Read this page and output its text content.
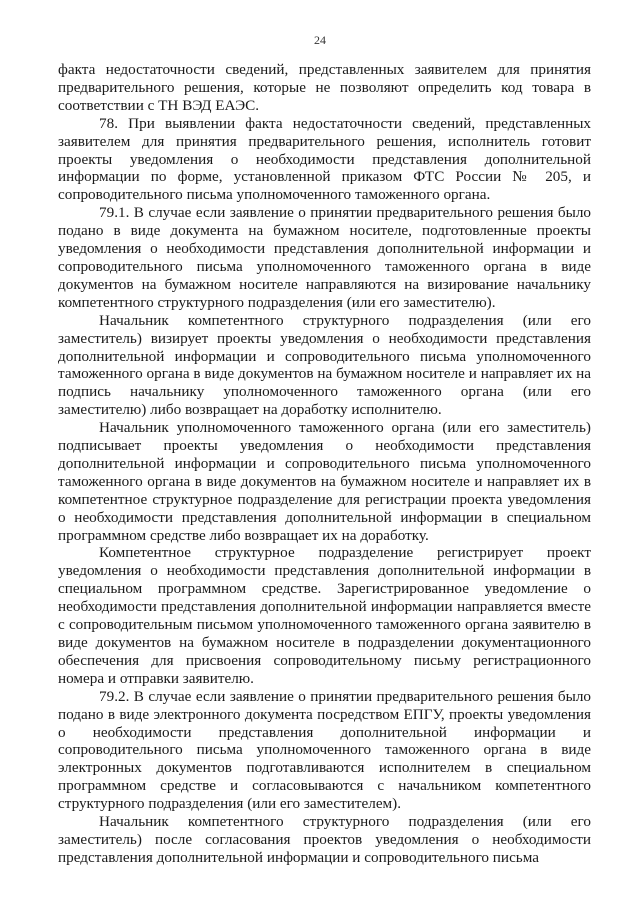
24

факта недостаточности сведений, представленных заявителем для принятия предварительного решения, которые не позволяют определить код товара в соответствии с ТН ВЭД ЕАЭС.

78. При выявлении факта недостаточности сведений, представленных заявителем для принятия предварительного решения, исполнитель готовит проекты уведомления о необходимости представления дополнительной информации по форме, установленной приказом ФТС России № 205, и сопроводительного письма уполномоченного таможенного органа.

79.1. В случае если заявление о принятии предварительного решения было подано в виде документа на бумажном носителе, подготовленные проекты уведомления о необходимости представления дополнительной информации и сопроводительного письма уполномоченного таможенного органа в виде документов на бумажном носителе направляются на визирование начальнику компетентного структурного подразделения (или его заместителю).

Начальник компетентного структурного подразделения (или его заместитель) визирует проекты уведомления о необходимости представления дополнительной информации и сопроводительного письма уполномоченного таможенного органа в виде документов на бумажном носителе и направляет их на подпись начальнику уполномоченного таможенного органа (или его заместителю) либо возвращает на доработку исполнителю.

Начальник уполномоченного таможенного органа (или его заместитель) подписывает проекты уведомления о необходимости представления дополнительной информации и сопроводительного письма уполномоченного таможенного органа в виде документов на бумажном носителе и направляет их в компетентное структурное подразделение для регистрации проекта уведомления о необходимости представления дополнительной информации в специальном программном средстве либо возвращает их на доработку.

Компетентное структурное подразделение регистрирует проект уведомления о необходимости представления дополнительной информации в специальном программном средстве. Зарегистрированное уведомление о необходимости представления дополнительной информации направляется вместе с сопроводительным письмом уполномоченного таможенного органа заявителю в виде документов на бумажном носителе в подразделении документационного обеспечения для присвоения сопроводительному письму регистрационного номера и отправки заявителю.

79.2. В случае если заявление о принятии предварительного решения было подано в виде электронного документа посредством ЕПГУ, проекты уведомления о необходимости представления дополнительной информации и сопроводительного письма уполномоченного таможенного органа в виде электронных документов подготавливаются исполнителем в специальном программном средстве и согласовываются с начальником компетентного структурного подразделения (или его заместителем).

Начальник компетентного структурного подразделения (или его заместитель) после согласования проектов уведомления о необходимости представления дополнительной информации и сопроводительного письма
